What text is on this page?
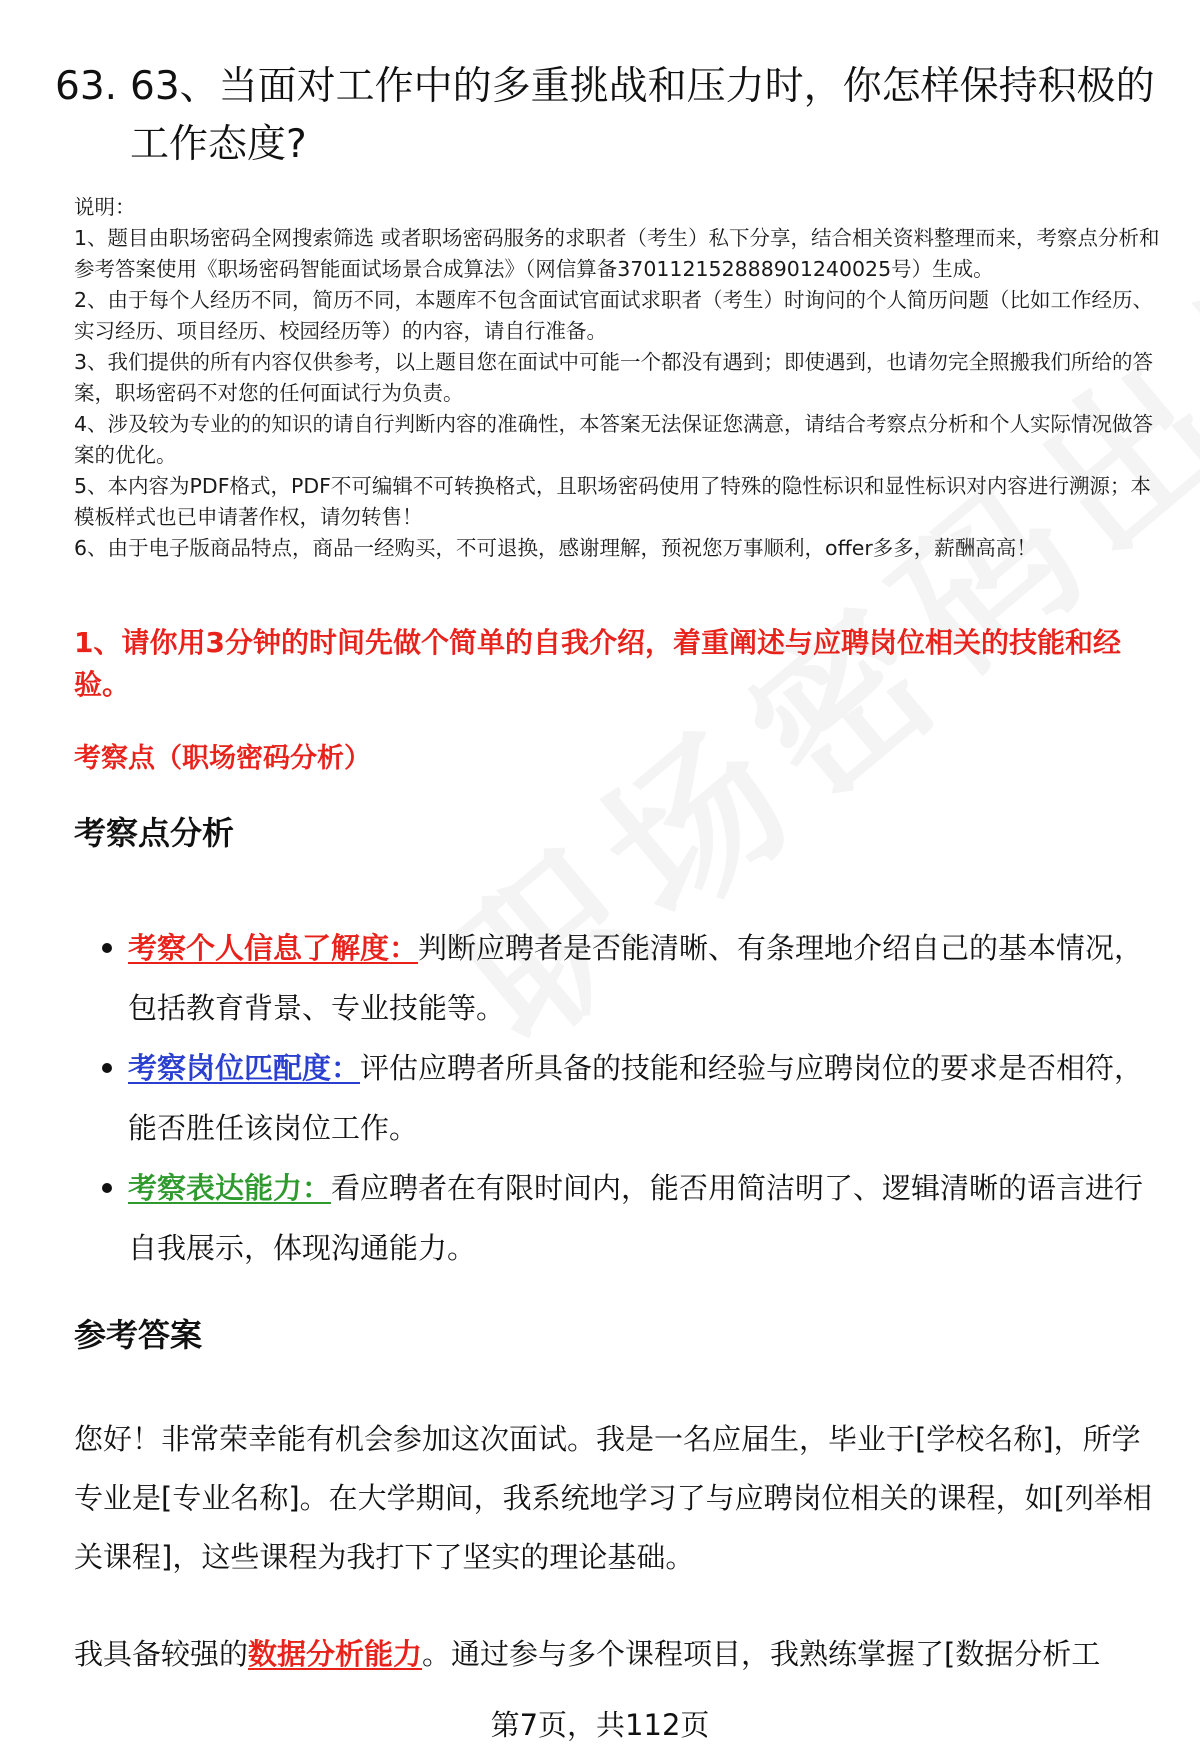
63. 63、当面对工作中的多重挑战和压力时，你怎样保持积极的工作态度?

说明：

1、题目由职场密码全网搜索筛选 或者职场密码服务的求职者（考生）私下分享，结合相关资料整理而来，考察点分析和参考答案使用《职场密码智能面试场景合成算法》（网信算备370112152888901240025号）生成。

2、由于每个人经历不同，简历不同，本题库不包含面试官面试求职者（考生）时询问的个人简历问题（比如工作经历、实习经历、项目经历、校园经历等）的内容，请自行准备。

3、我们提供的所有内容仅供参考，以上题目您在面试中可能一个都没有遇到；即使遇到，也请勿完全照搬我们所给的答案，职场密码不对您的任何面试行为负责。

4、涉及较为专业的的知识的请自行判断内容的准确性，本答案无法保证您满意，请结合考察点分析和个人实际情况做答案的优化。

5、本内容为PDF格式，PDF不可编辑不可转换格式，且职场密码使用了特殊的隐性标识和显性标识对内容进行溯源；本模板样式也已申请著作权，请勿转售！

6、由于电子版商品特点，商品一经购买，不可退换，感谢理解，预祝您万事顺利，offer多多，薪酬高高！

1、请你用3分钟的时间先做个简单的自我介绍，着重阐述与应聘岗位相关的技能和经验。
考察点（职场密码分析）
考察点分析
考察个人信息了解度：判断应聘者是否能清晰、有条理地介绍自己的基本情况，包括教育背景、专业技能等。
考察岗位匹配度：评估应聘者所具备的技能和经验与应聘岗位的要求是否相符，能否胜任该岗位工作。
考察表达能力：看应聘者在有限时间内，能否用简洁明了、逻辑清晰的语言进行自我展示，体现沟通能力。
参考答案

您好！非常荣幸能有机会参加这次面试。我是一名应届生，毕业于[学校名称]，所学专业是[专业名称]。在大学期间，我系统地学习了与应聘岗位相关的课程，如[列举相关课程]，这些课程为我打下了坚实的理论基础。

我具备较强的数据分析能力。通过参与多个课程项目，我熟练掌握了[数据分析工

第7页，共112页
